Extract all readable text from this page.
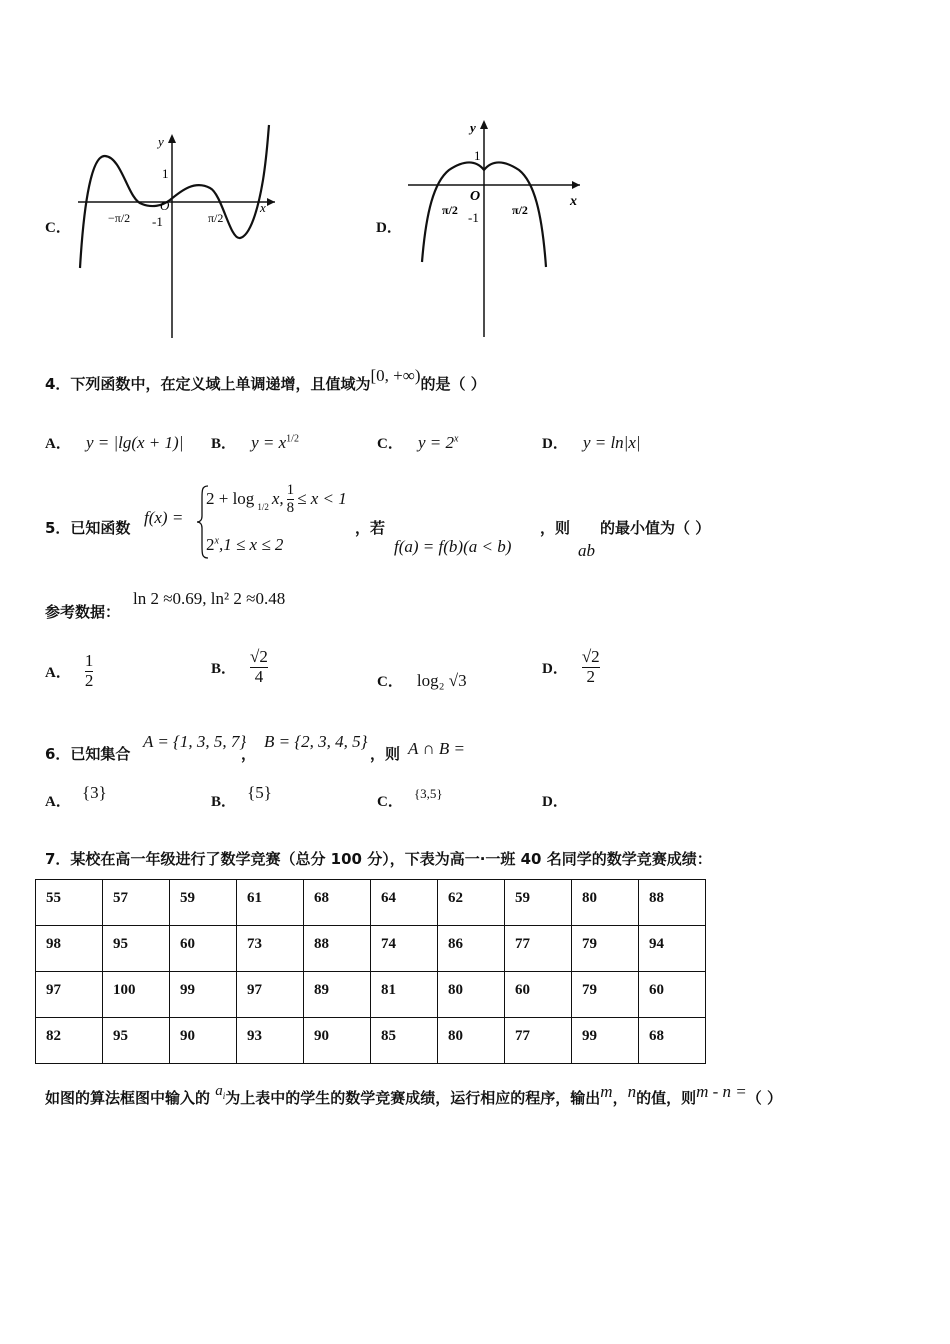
C．
y
x
1
O
-1
−π/2	π/2
D．
y
x
1
O
-1
π/2	π/2
4．下列函数中，在定义域上单调递增，且值域为[0, +∞)的是（ ）
A． y = |lg(x + 1)| B． $y = x^{1/2}$	C． $y = 2^x$	D． y = ln|x|
5．已知函数
f(x) =
2 + log 1/2 x, $\frac{1}{8} \le x < 1$
$2^x,1 \le x \le 2$
，若
f(a) = f(b)(a < b)
，则
ab
的最小值为（ ）
参考数据：
ln 2 ≈0.69, ln² 2 ≈0.48
A． $\frac{1}{2}$	B． $\frac{√2}{4}$	C． log₂ √3
D． $\frac{√2}{2}$
6．已知集合
A = {1, 3, 5, 7}
，
B = {2, 3, 4, 5}
，则 A ∩ B =
A． {3}	B． {5}	C． $^{\{3,5\}}$
D．
7．某校在高一年级进行了数学竞赛（总分 100 分），下表为高一·一班 40 名同学的数学竞赛成绩：
55	57	59	61	68	64	62	59	80	88
98	95	60	73	88	74	86	77	79	94
97	100	99	97	89	81	80	60	79	60
82	95	90	93	90	85	80	77	99	68
如图的算法框图中输入的 $a_i$为上表中的学生的数学竞赛成绩，运行相应的程序，输出m，n的值，则m - n =（ ）
